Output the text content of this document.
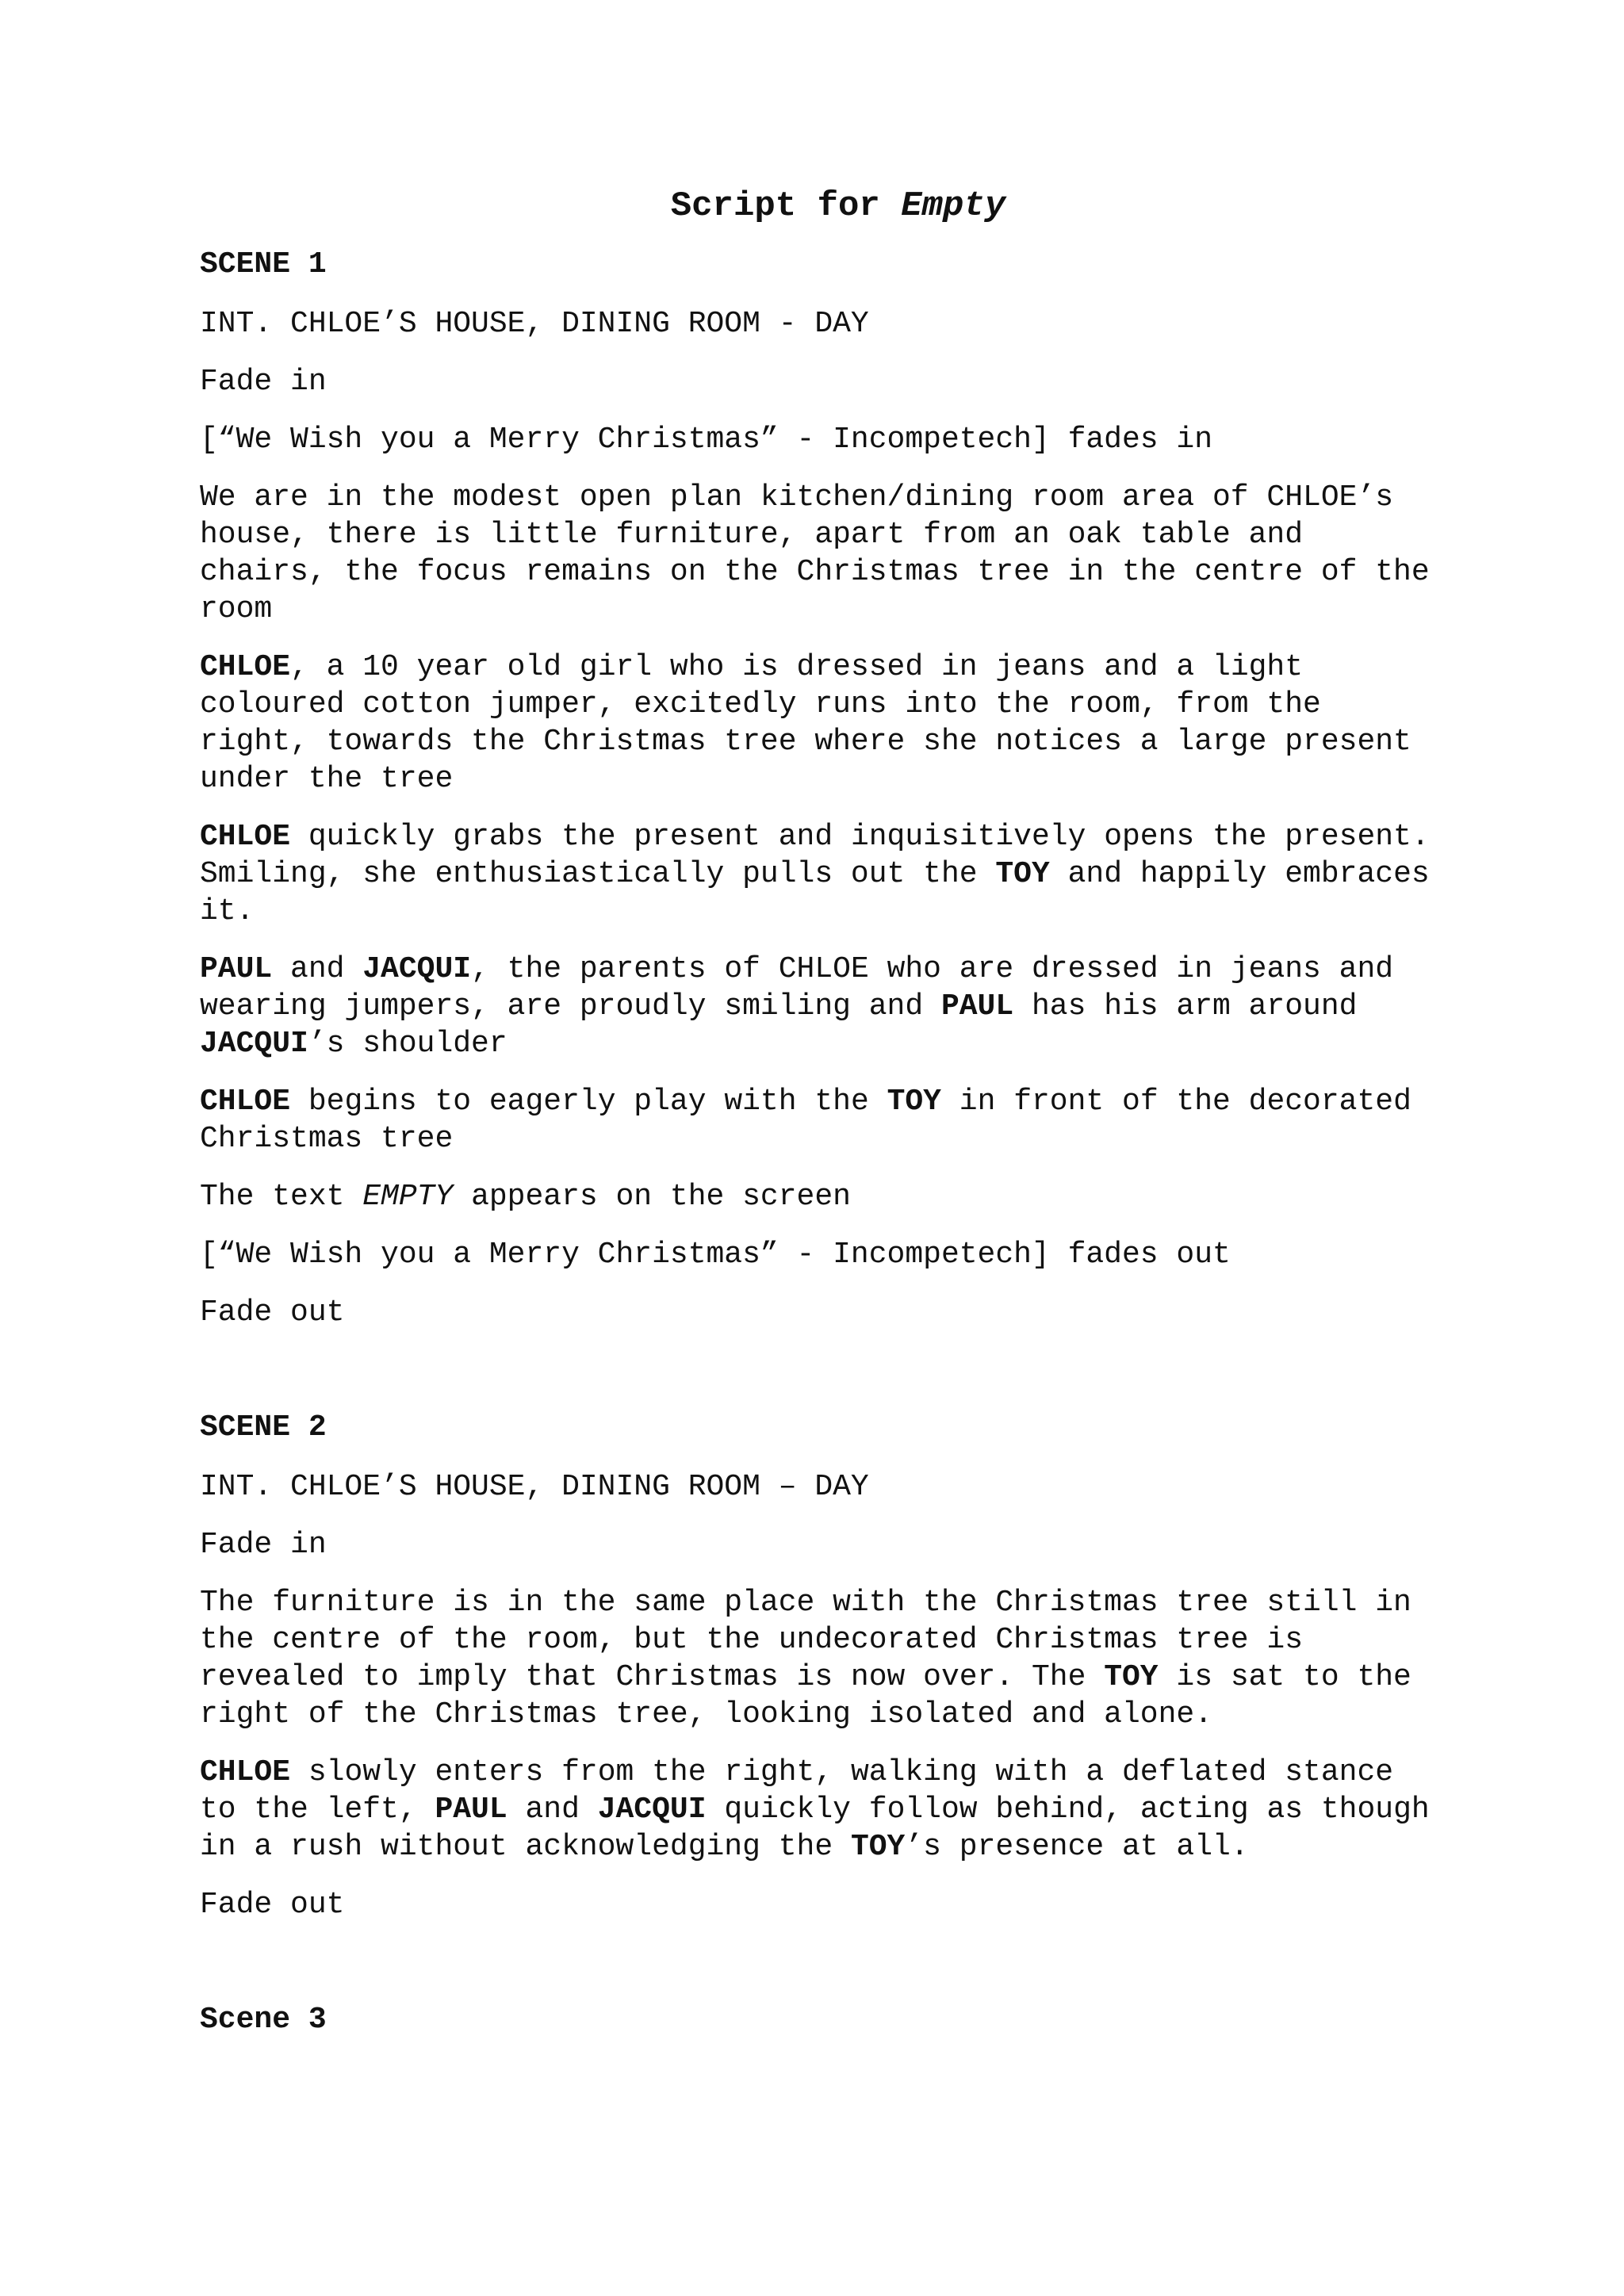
Script for Empty
SCENE 1

INT. CHLOE’S HOUSE, DINING ROOM - DAY

Fade in

[“We Wish you a Merry Christmas” - Incompetech] fades in

We are in the modest open plan kitchen/dining room area of CHLOE’s house, there is little furniture, apart from an oak table and chairs, the focus remains on the Christmas tree in the centre of the room

CHLOE, a 10 year old girl who is dressed in jeans and a light coloured cotton jumper, excitedly runs into the room, from the right, towards the Christmas tree where she notices a large present under the tree

CHLOE quickly grabs the present and inquisitively opens the present. Smiling, she enthusiastically pulls out the TOY and happily embraces it.

PAUL and JACQUI, the parents of CHLOE who are dressed in jeans and wearing jumpers, are proudly smiling and PAUL has his arm around JACQUI’s shoulder

CHLOE begins to eagerly play with the TOY in front of the decorated Christmas tree

The text EMPTY appears on the screen

[“We Wish you a Merry Christmas” - Incompetech] fades out

Fade out

SCENE 2

INT. CHLOE’S HOUSE, DINING ROOM – DAY

Fade in

The furniture is in the same place with the Christmas tree still in the centre of the room, but the undecorated Christmas tree is revealed to imply that Christmas is now over. The TOY is sat to the right of the Christmas tree, looking isolated and alone.

CHLOE slowly enters from the right, walking with a deflated stance to the left, PAUL and JACQUI quickly follow behind, acting as though in a rush without acknowledging the TOY’s presence at all.

Fade out

Scene 3
